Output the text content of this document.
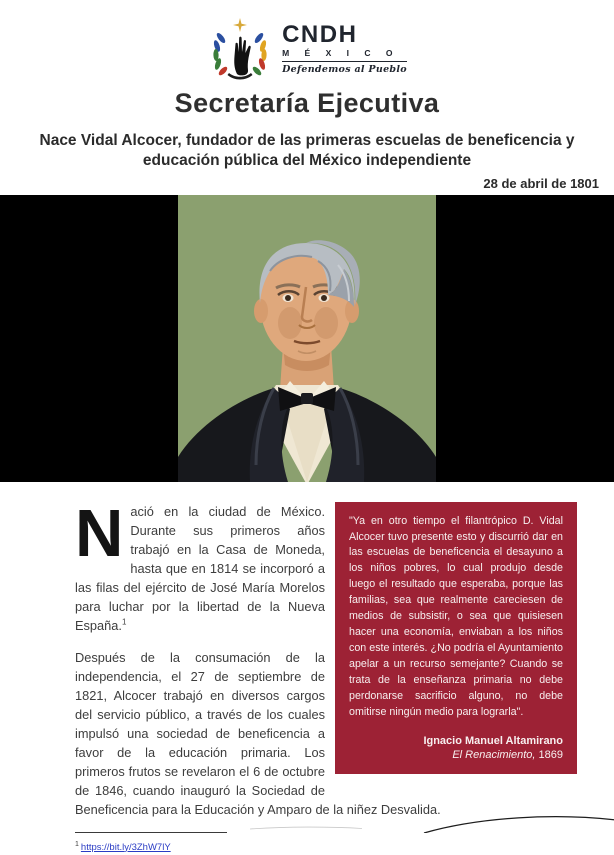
CNDH
M É X I C O
Defendemos al Pueblo
Secretaría Ejecutiva
Nace Vidal Alcocer, fundador de las primeras escuelas de beneficencia y educación pública del México independiente
28 de abril de 1801
"Ya en otro tiempo el filantrópico D. Vidal Alcocer tuvo presente esto y discurrió dar en las escuelas de beneficencia el desayuno a los niños pobres, lo cual produjo desde luego el resultado que esperaba, porque las familias, sea que realmente careciesen de medios de subsistir, o sea que quisiesen hacer una economía, enviaban a los niños con este interés. ¿No podría el Ayuntamiento apelar a un recurso semejante? Cuando se trata de la enseñanza primaria no debe perdonarse sacrificio alguno, no debe omitirse ningún medio para lograrla".
Ignacio Manuel Altamirano
El Renacimiento, 1869

Nació en la ciudad de México. Durante sus primeros años trabajó en la Casa de Moneda, hasta que en 1814 se incorporó a las filas del ejército de José María Morelos para luchar por la libertad de la Nueva España.$^1$

Después de la consumación de la independencia, el 27 de septiembre de 1821, Alcocer trabajó en diversos cargos del servicio público, a través de los cuales impulsó una sociedad de beneficencia a favor de la educación primaria. Los primeros frutos se revelaron el 6 de octubre de 1846, cuando inauguró la Sociedad de Beneficencia para la Educación y Amparo de la niñez Desvalida.

$^1$ https://bit.ly/3ZhW7lY
